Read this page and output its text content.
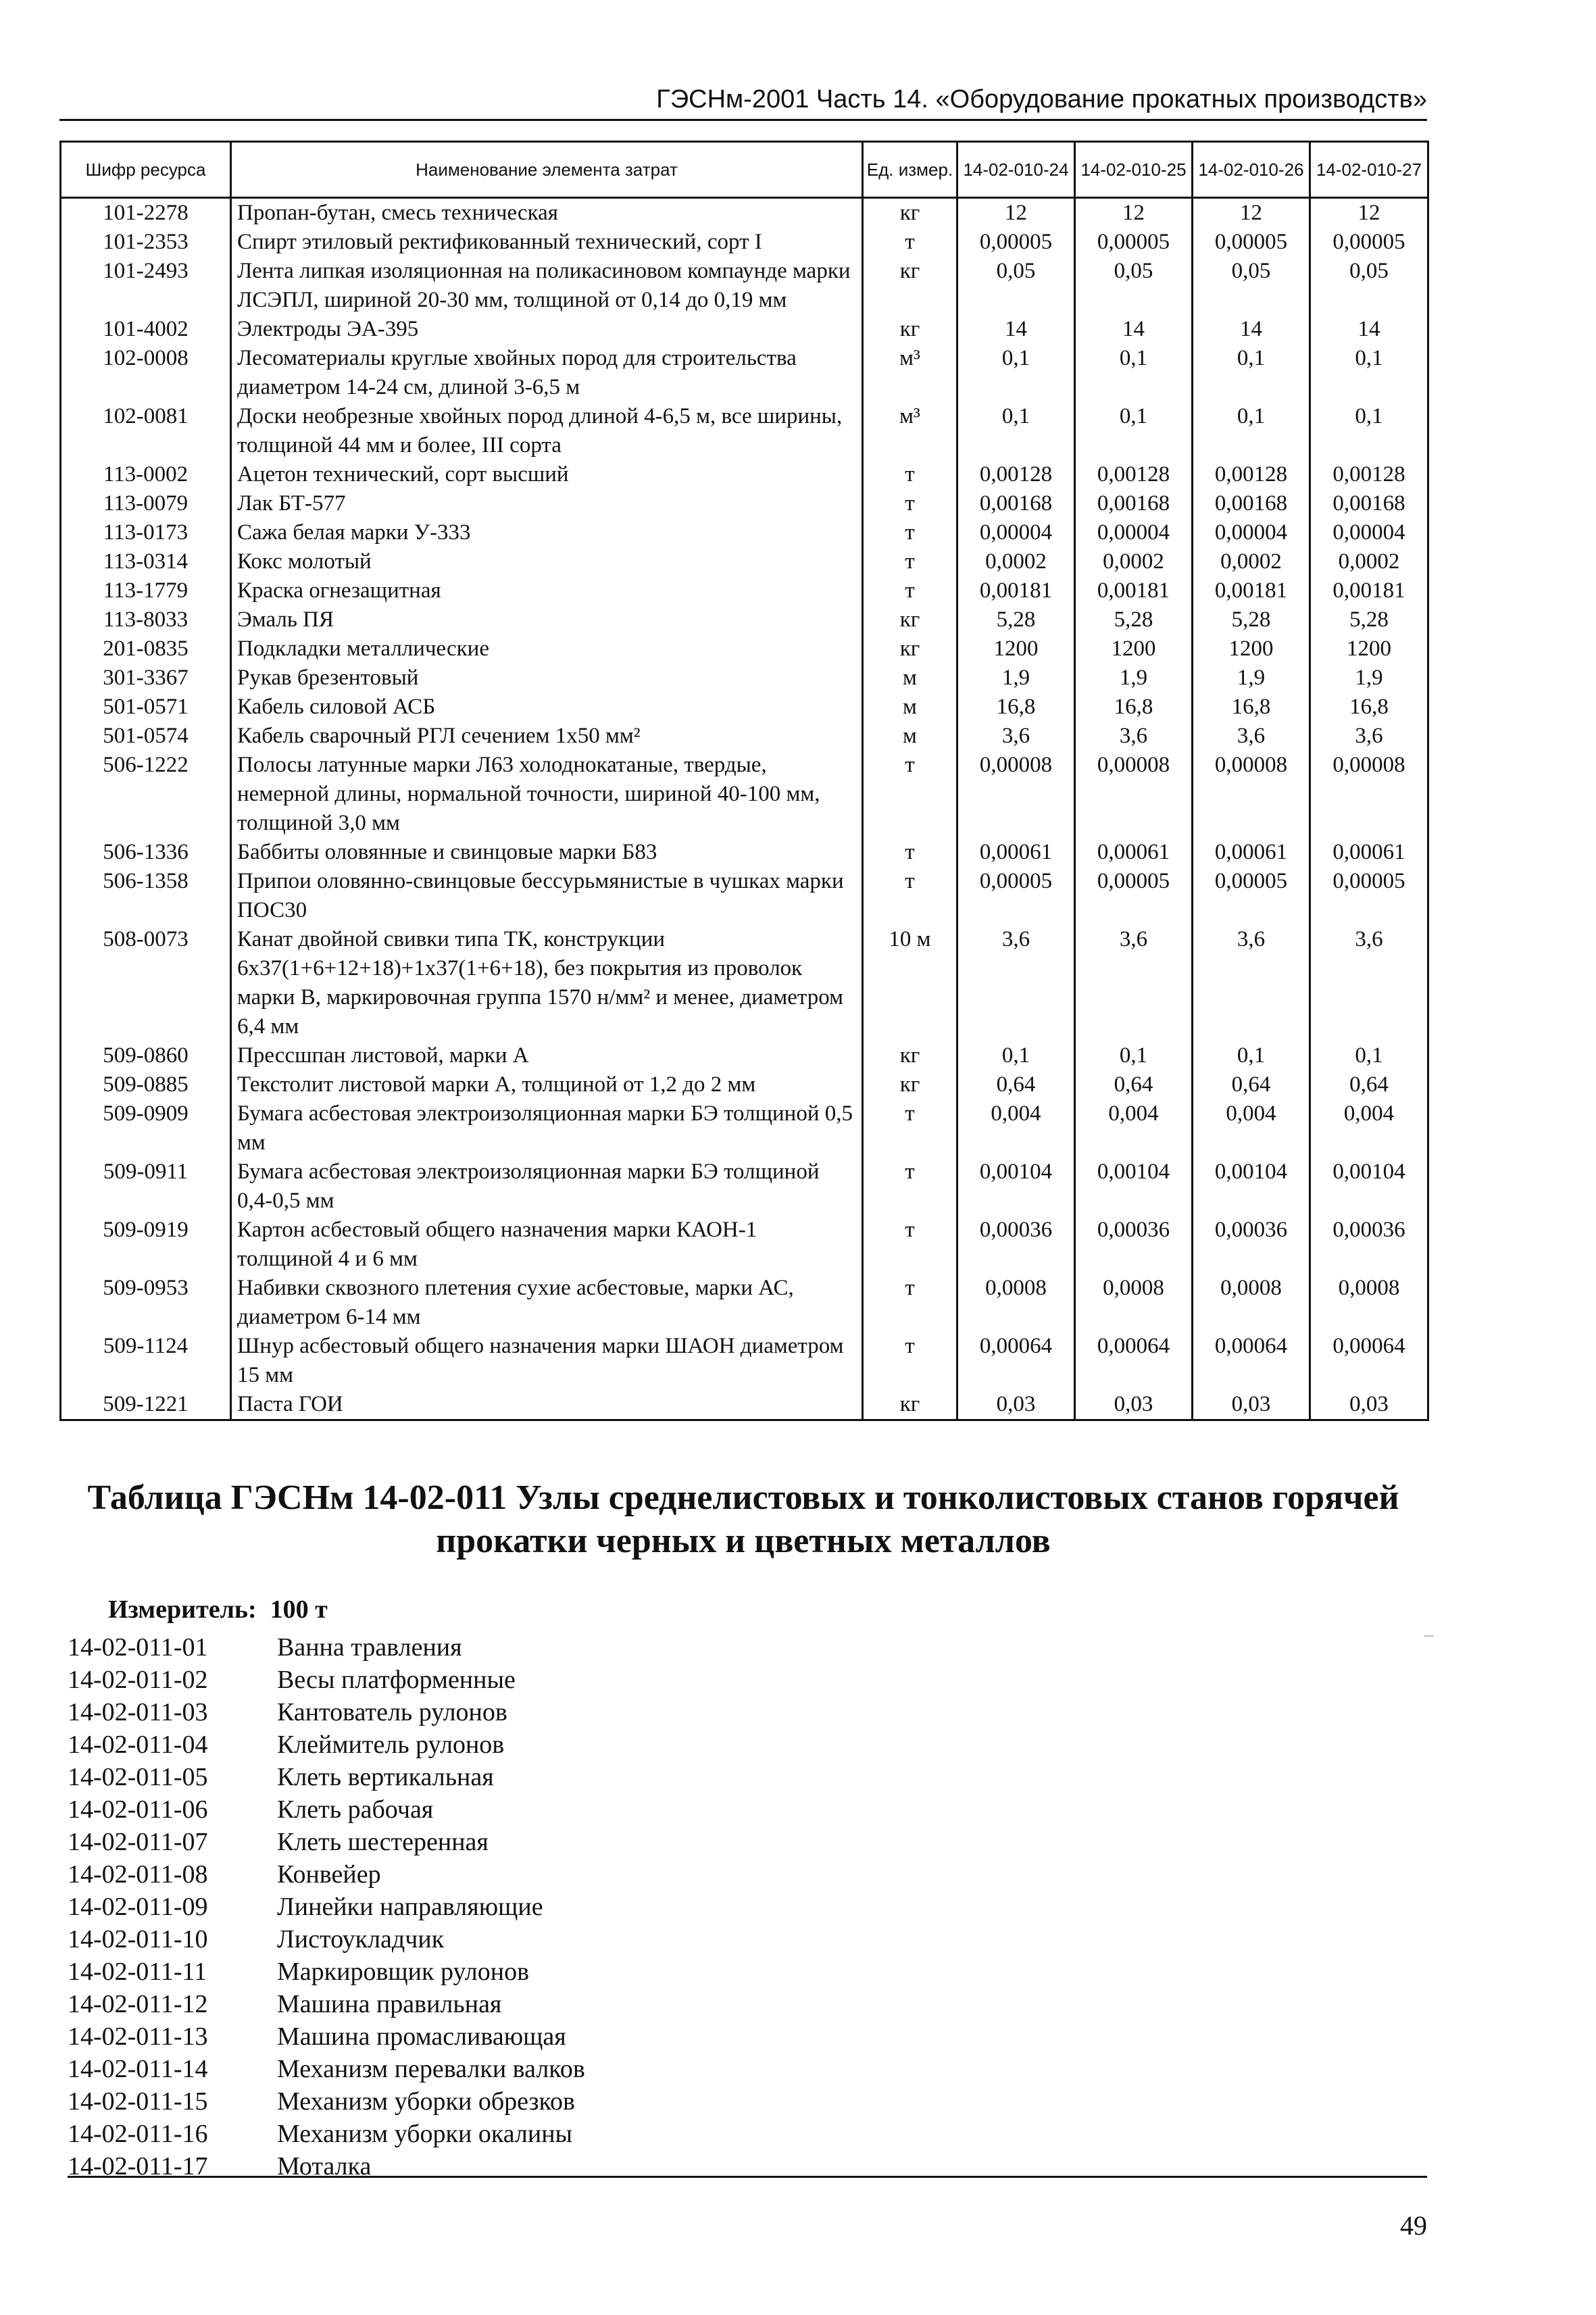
ГЭСНм-2001 Часть 14. «Оборудование прокатных производств»
Шифр ресурса	Наименование элемента затрат	Ед. измер.	14-02-010-24	14-02-010-25	14-02-010-26	14-02-010-27
101-2278	Пропан-бутан, смесь техническая	кг	12	12	12	12
101-2353	Спирт этиловый ректификованный технический, сорт I	т	0,00005	0,00005	0,00005	0,00005
101-2493	Лента липкая изоляционная на поликасиновом компаунде марки ЛСЭПЛ, шириной 20-30 мм, толщиной от 0,14 до 0,19 мм	кг	0,05	0,05	0,05	0,05
101-4002	Электроды ЭА-395	кг	14	14	14	14
102-0008	Лесоматериалы круглые хвойных пород для строительства диаметром 14-24 см, длиной 3-6,5 м	м³	0,1	0,1	0,1	0,1
102-0081	Доски необрезные хвойных пород длиной 4-6,5 м, все ширины, толщиной 44 мм и более, III сорта	м³	0,1	0,1	0,1	0,1
113-0002	Ацетон технический, сорт высший	т	0,00128	0,00128	0,00128	0,00128
113-0079	Лак БТ-577	т	0,00168	0,00168	0,00168	0,00168
113-0173	Сажа белая марки У-333	т	0,00004	0,00004	0,00004	0,00004
113-0314	Кокс молотый	т	0,0002	0,0002	0,0002	0,0002
113-1779	Краска огнезащитная	т	0,00181	0,00181	0,00181	0,00181
113-8033	Эмаль ПЯ	кг	5,28	5,28	5,28	5,28
201-0835	Подкладки металлические	кг	1200	1200	1200	1200
301-3367	Рукав брезентовый	м	1,9	1,9	1,9	1,9
501-0571	Кабель силовой АСБ	м	16,8	16,8	16,8	16,8
501-0574	Кабель сварочный РГЛ сечением 1х50 мм²	м	3,6	3,6	3,6	3,6
506-1222	Полосы латунные марки Л63 холоднокатаные, твердые, немерной длины, нормальной точности, шириной 40-100 мм, толщиной 3,0 мм	т	0,00008	0,00008	0,00008	0,00008
506-1336	Баббиты оловянные и свинцовые марки Б83	т	0,00061	0,00061	0,00061	0,00061
506-1358	Припои оловянно-свинцовые бессурьмянистые в чушках марки ПОС30	т	0,00005	0,00005	0,00005	0,00005
508-0073	Канат двойной свивки типа ТК, конструкции 6х37(1+6+12+18)+1х37(1+6+18), без покрытия из проволок марки В, маркировочная группа 1570 н/мм² и менее, диаметром 6,4 мм	10 м	3,6	3,6	3,6	3,6
509-0860	Прессшпан листовой, марки А	кг	0,1	0,1	0,1	0,1
509-0885	Текстолит листовой марки А, толщиной от 1,2 до 2 мм	кг	0,64	0,64	0,64	0,64
509-0909	Бумага асбестовая электроизоляционная марки БЭ толщиной 0,5 мм	т	0,004	0,004	0,004	0,004
509-0911	Бумага асбестовая электроизоляционная марки БЭ толщиной 0,4-0,5 мм	т	0,00104	0,00104	0,00104	0,00104
509-0919	Картон асбестовый общего назначения марки КАОН-1 толщиной 4 и 6 мм	т	0,00036	0,00036	0,00036	0,00036
509-0953	Набивки сквозного плетения сухие асбестовые, марки АС, диаметром 6-14 мм	т	0,0008	0,0008	0,0008	0,0008
509-1124	Шнур асбестовый общего назначения марки ШАОН диаметром 15 мм	т	0,00064	0,00064	0,00064	0,00064
509-1221	Паста ГОИ	кг	0,03	0,03	0,03	0,03
Таблица ГЭСНм 14-02-011 Узлы среднелистовых и тонколистовых станов горячей прокатки черных и цветных металлов
Измеритель: 100 т
14-02-011-01	Ванна травления
14-02-011-02	Весы платформенные
14-02-011-03	Кантователь рулонов
14-02-011-04	Клеймитель рулонов
14-02-011-05	Клеть вертикальная
14-02-011-06	Клеть рабочая
14-02-011-07	Клеть шестеренная
14-02-011-08	Конвейер
14-02-011-09	Линейки направляющие
14-02-011-10	Листоукладчик
14-02-011-11	Маркировщик рулонов
14-02-011-12	Машина правильная
14-02-011-13	Машина промасливающая
14-02-011-14	Механизм перевалки валков
14-02-011-15	Механизм уборки обрезков
14-02-011-16	Механизм уборки окалины
14-02-011-17	Моталка
49
